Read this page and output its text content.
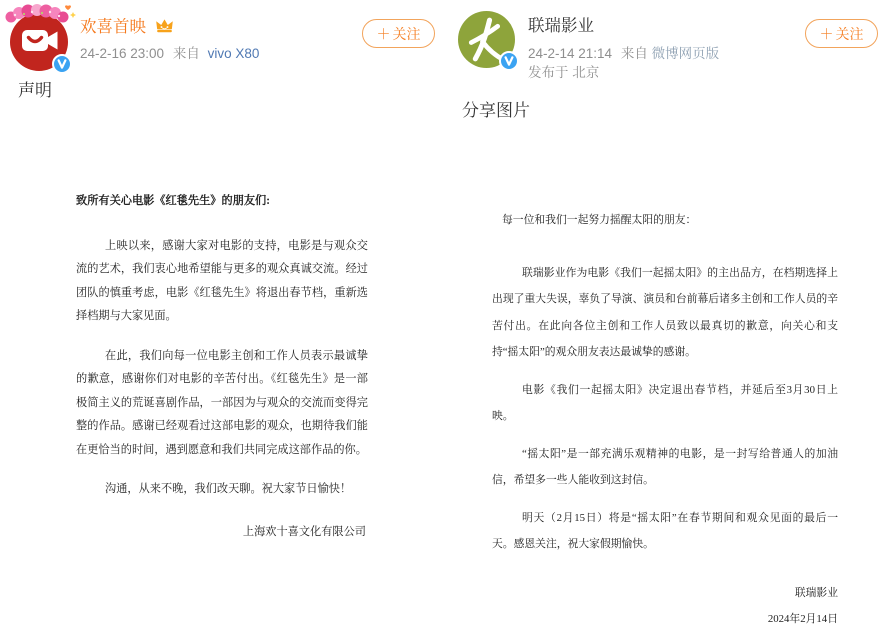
欢喜首映
24-2-16 23:00 来自 vivo X80
＋ 关注
声明
致所有关心电影《红毯先生》的朋友们:

上映以来，感谢大家对电影的支持，电影是与观众交流的艺术，我们衷心地希望能与更多的观众真诚交流。经过团队的慎重考虑，电影《红毯先生》将退出春节档，重新选择档期与大家见面。

在此，我们向每一位电影主创和工作人员表示最诚挚的歉意，感谢你们对电影的辛苦付出。《红毯先生》是一部极简主义的荒诞喜剧作品，一部因为与观众的交流而变得完整的作品。感谢已经观看过这部电影的观众，也期待我们能在更恰当的时间，遇到愿意和我们共同完成这部作品的你。

沟通，从来不晚，我们改天聊。祝大家节日愉快！

上海欢十喜文化有限公司
联瑞影业
24-2-14 21:14 来自 微博网页版
发布于 北京
＋ 关注
分享图片
每一位和我们一起努力摇醒太阳的朋友：

联瑞影业作为电影《我们一起摇太阳》的主出品方，在档期选择上出现了重大失误，辜负了导演、演员和台前幕后诸多主创和工作人员的辛苦付出。在此向各位主创和工作人员致以最真切的歉意，向关心和支持“摇太阳”的观众朋友表达最诚挚的感谢。

电影《我们一起摇太阳》决定退出春节档，并延后至3月30日上映。

“摇太阳”是一部充满乐观精神的电影，是一封写给普通人的加油信，希望多一些人能收到这封信。

明天（2月15日）将是“摇太阳”在春节期间和观众见面的最后一天。感恩关注，祝大家假期愉快。

联瑞影业
2024年2月14日
